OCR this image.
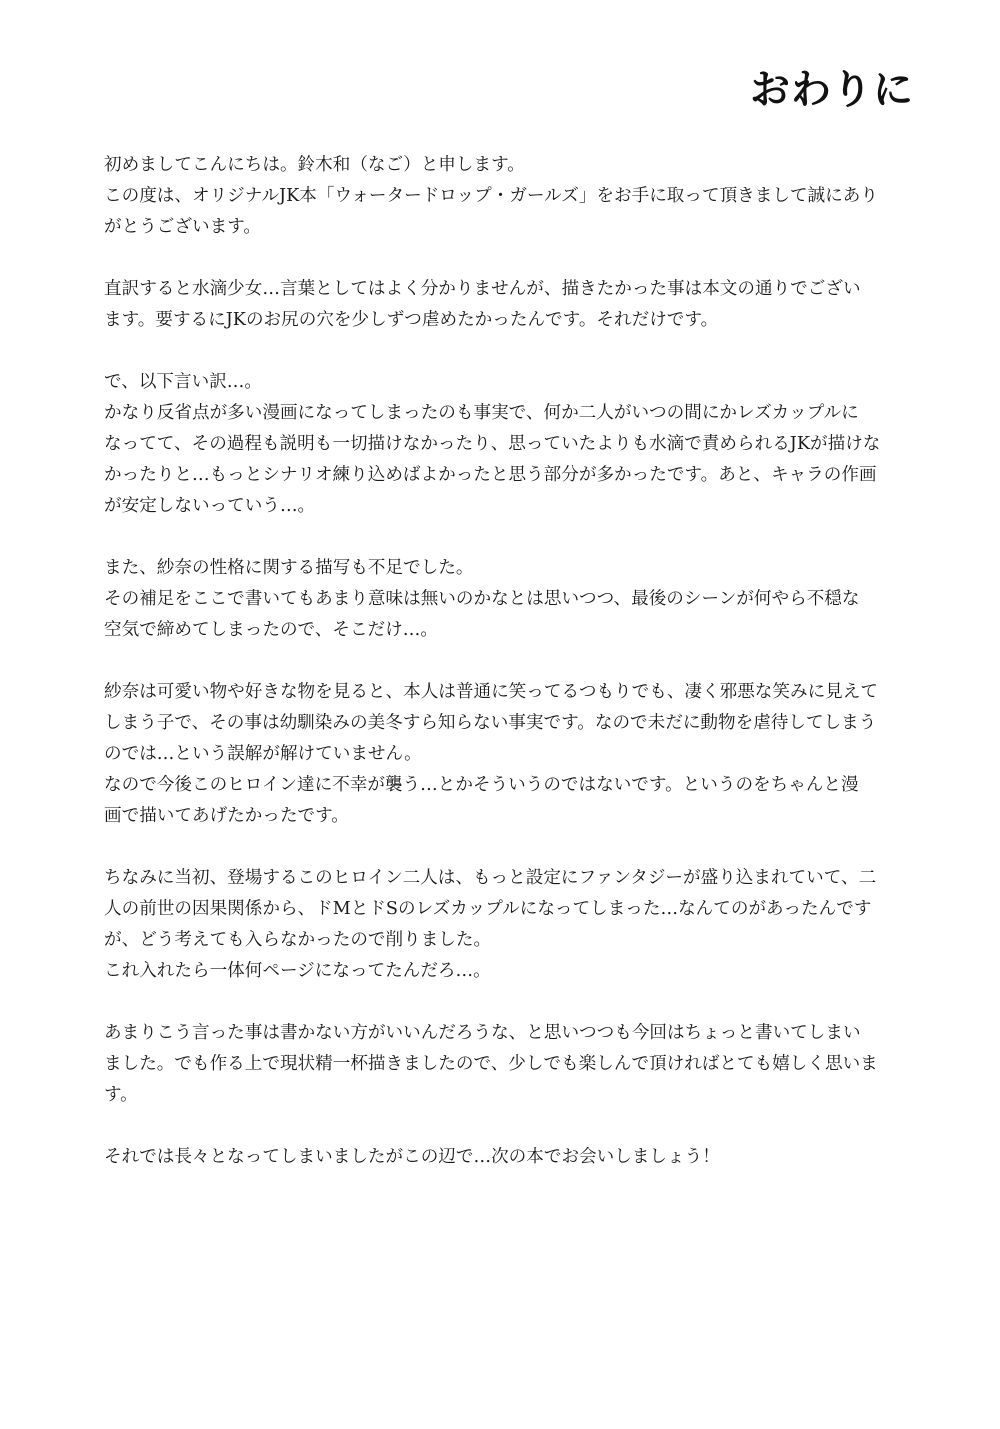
おわりに

初めましてこんにちは。鈴木和（なご）と申します。
この度は、オリジナルJK本「ウォータードロップ・ガールズ」をお手に取って頂きまして誠にあり
がとうございます。

直訳すると水滴少女…言葉としてはよく分かりませんが、描きたかった事は本文の通りでござい
ます。要するにJKのお尻の穴を少しずつ虐めたかったんです。それだけです。

で、以下言い訳…。
かなり反省点が多い漫画になってしまったのも事実で、何か二人がいつの間にかレズカップルに
なってて、その過程も説明も一切描けなかったり、思っていたよりも水滴で責められるJKが描けな
かったりと…もっとシナリオ練り込めばよかったと思う部分が多かったです。あと、キャラの作画
が安定しないっていう…。

また、紗奈の性格に関する描写も不足でした。
その補足をここで書いてもあまり意味は無いのかなとは思いつつ、最後のシーンが何やら不穏な
空気で締めてしまったので、そこだけ…。

紗奈は可愛い物や好きな物を見ると、本人は普通に笑ってるつもりでも、凄く邪悪な笑みに見えて
しまう子で、その事は幼馴染みの美冬すら知らない事実です。なので未だに動物を虐待してしまう
のでは…という誤解が解けていません。
なので今後このヒロイン達に不幸が襲う…とかそういうのではないです。というのをちゃんと漫
画で描いてあげたかったです。

ちなみに当初、登場するこのヒロイン二人は、もっと設定にファンタジーが盛り込まれていて、二
人の前世の因果関係から、ドMとドSのレズカップルになってしまった…なんてのがあったんです
が、どう考えても入らなかったので削りました。
これ入れたら一体何ページになってたんだろ…。

あまりこう言った事は書かない方がいいんだろうな、と思いつつも今回はちょっと書いてしまい
ました。でも作る上で現状精一杯描きましたので、少しでも楽しんで頂ければとても嬉しく思いま
す。

それでは長々となってしまいましたがこの辺で…次の本でお会いしましょう！
